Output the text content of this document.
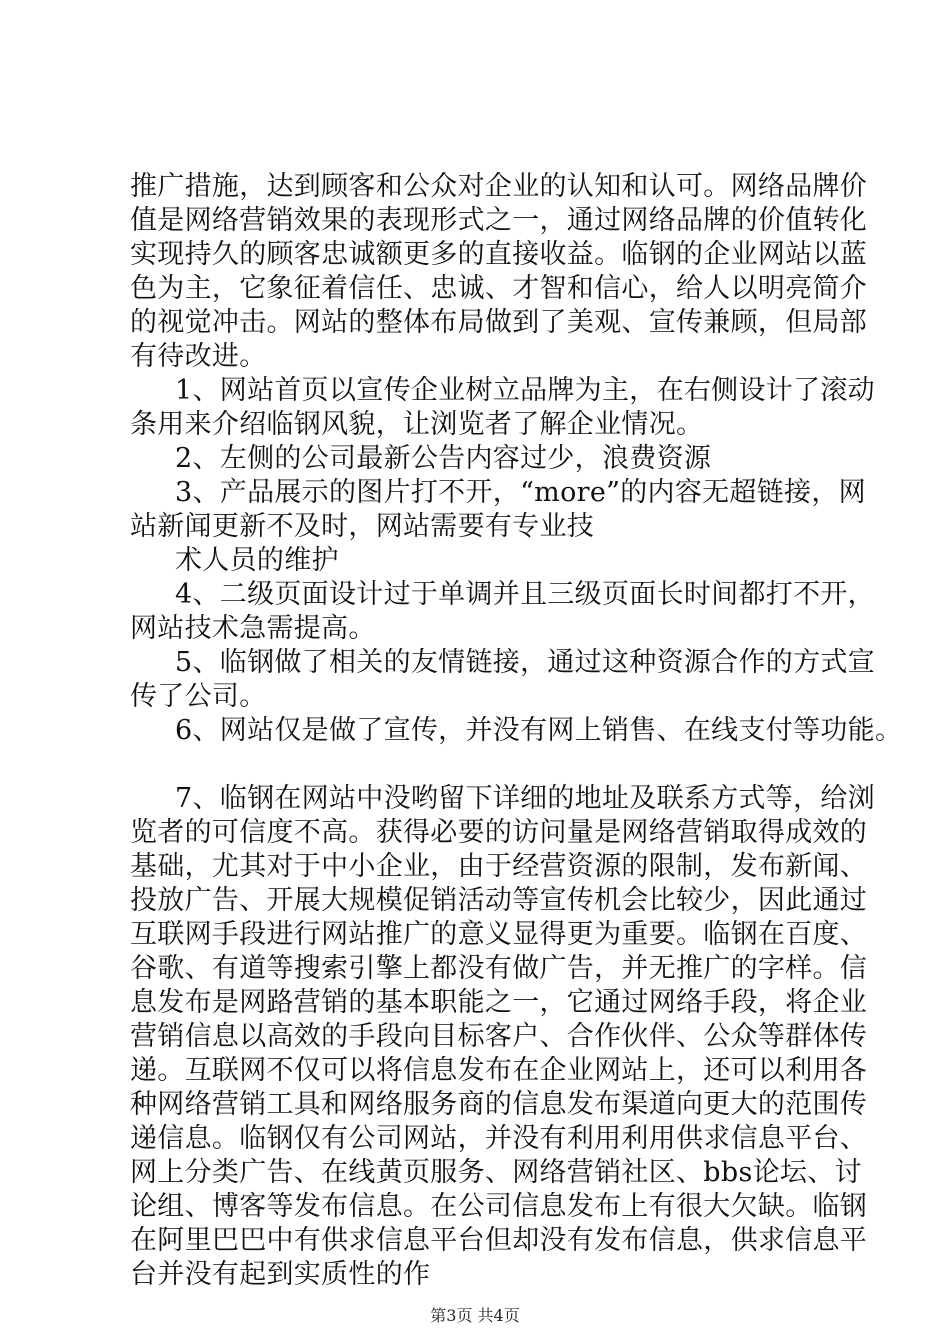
推广措施，达到顾客和公众对企业的认知和认可。网络品牌价
值是网络营销效果的表现形式之一，通过网络品牌的价值转化
实现持久的顾客忠诚额更多的直接收益。临钢的企业网站以蓝
色为主，它象征着信任、忠诚、才智和信心，给人以明亮简介
的视觉冲击。网站的整体布局做到了美观、宣传兼顾，但局部
有待改进。
1、网站首页以宣传企业树立品牌为主，在右侧设计了滚动
条用来介绍临钢风貌，让浏览者了解企业情况。
2、左侧的公司最新公告内容过少，浪费资源
3、产品展示的图片打不开，“more”的内容无超链接，网
站新闻更新不及时，网站需要有专业技
术人员的维护
4、二级页面设计过于单调并且三级页面长时间都打不开，
网站技术急需提高。
5、临钢做了相关的友情链接，通过这种资源合作的方式宣
传了公司。
6、网站仅是做了宣传，并没有网上销售、在线支付等功能。
7、临钢在网站中没哟留下详细的地址及联系方式等，给浏
览者的可信度不高。获得必要的访问量是网络营销取得成效的
基础，尤其对于中小企业，由于经营资源的限制，发布新闻、
投放广告、开展大规模促销活动等宣传机会比较少，因此通过
互联网手段进行网站推广的意义显得更为重要。临钢在百度、
谷歌、有道等搜索引擎上都没有做广告，并无推广的字样。信
息发布是网路营销的基本职能之一，它通过网络手段，将企业
营销信息以高效的手段向目标客户、合作伙伴、公众等群体传
递。互联网不仅可以将信息发布在企业网站上，还可以利用各
种网络营销工具和网络服务商的信息发布渠道向更大的范围传
递信息。临钢仅有公司网站，并没有利用利用供求信息平台、
网上分类广告、在线黄页服务、网络营销社区、bbs论坛、讨
论组、博客等发布信息。在公司信息发布上有很大欠缺。临钢
在阿里巴巴中有供求信息平台但却没有发布信息，供求信息平
台并没有起到实质性的作
第3页 共4页
